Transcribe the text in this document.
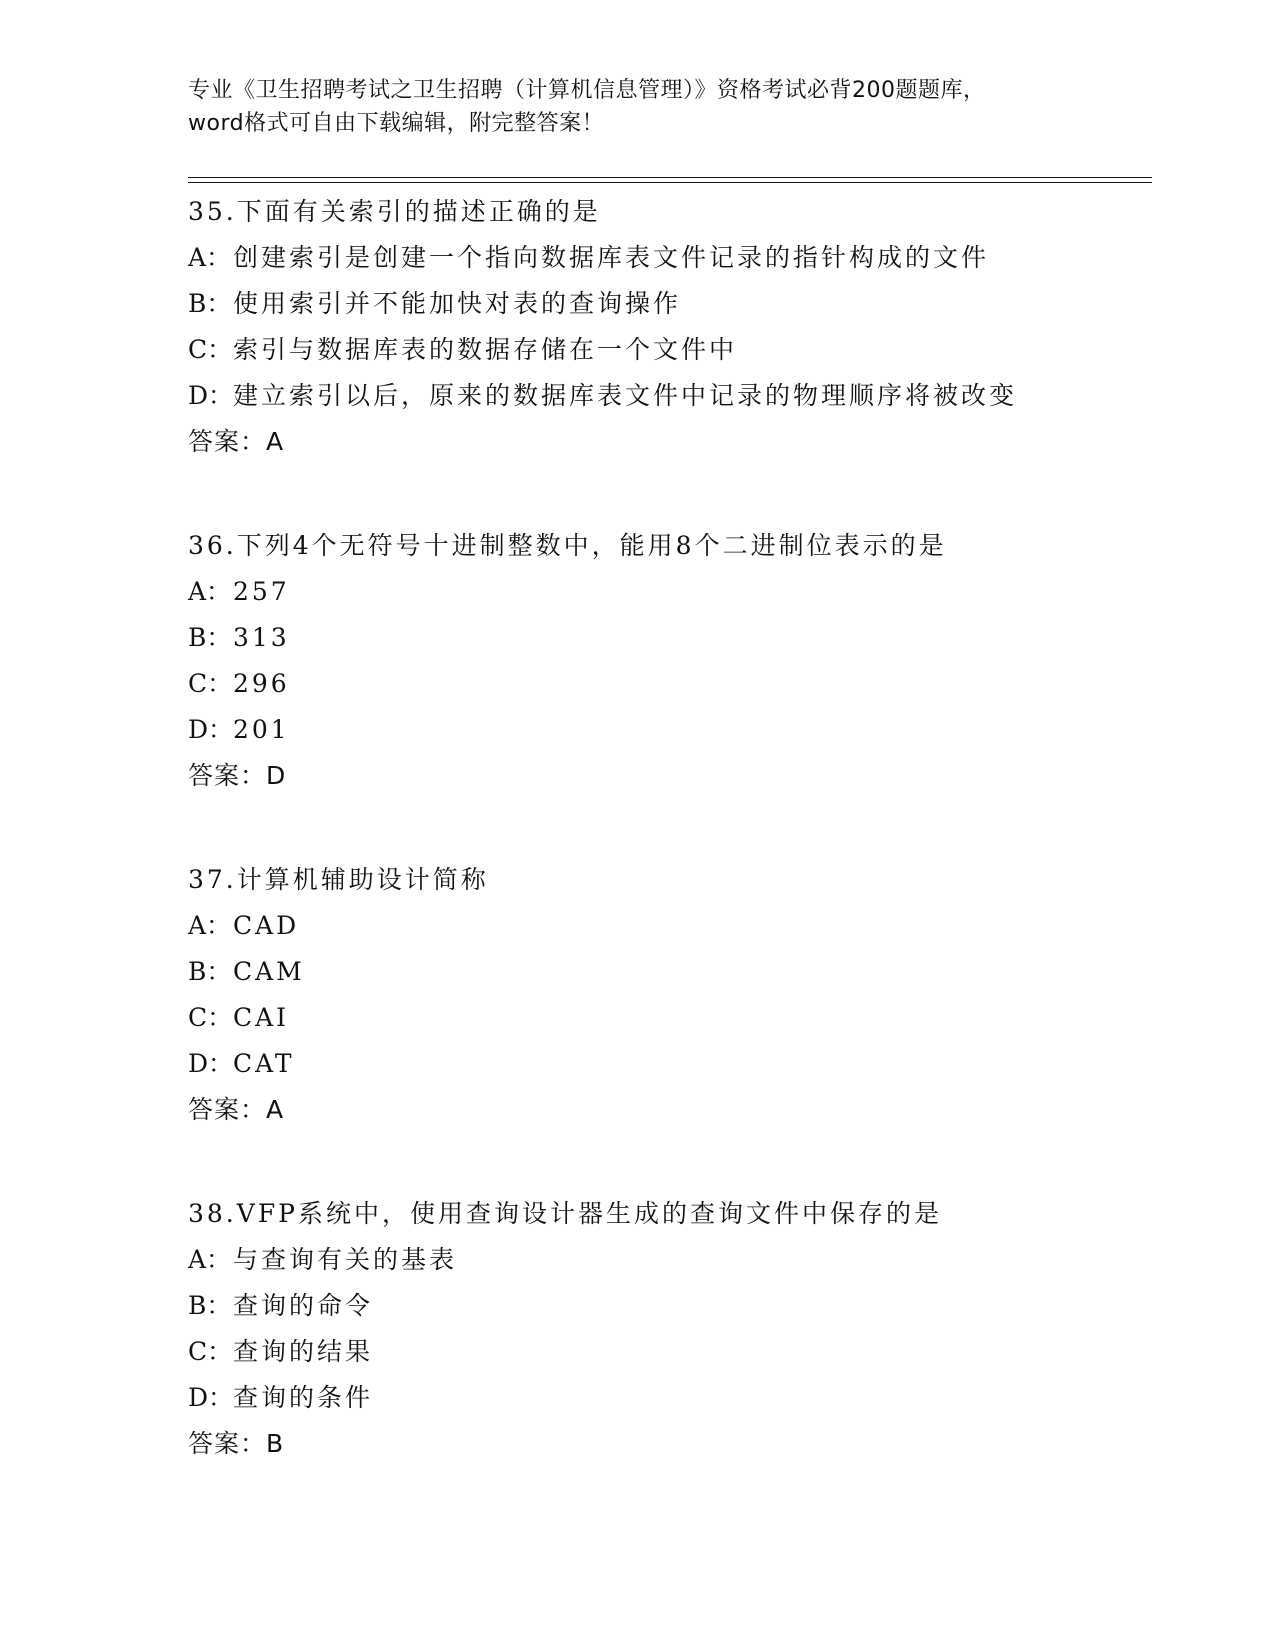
专业《卫生招聘考试之卫生招聘（计算机信息管理）》资格考试必背200题题库，
word格式可自由下载编辑，附完整答案！
35.下面有关索引的描述正确的是
A：创建索引是创建一个指向数据库表文件记录的指针构成的文件
B：使用索引并不能加快对表的查询操作
C：索引与数据库表的数据存储在一个文件中
D：建立索引以后，原来的数据库表文件中记录的物理顺序将被改变
答案：A
36.下列4个无符号十进制整数中，能用8个二进制位表示的是
A：257
B：313
C：296
D：201
答案：D
37.计算机辅助设计简称
A：CAD
B：CAM
C：CAI
D：CAT
答案：A
38.VFP系统中，使用查询设计器生成的查询文件中保存的是
A：与查询有关的基表
B：查询的命令
C：查询的结果
D：查询的条件
答案：B
